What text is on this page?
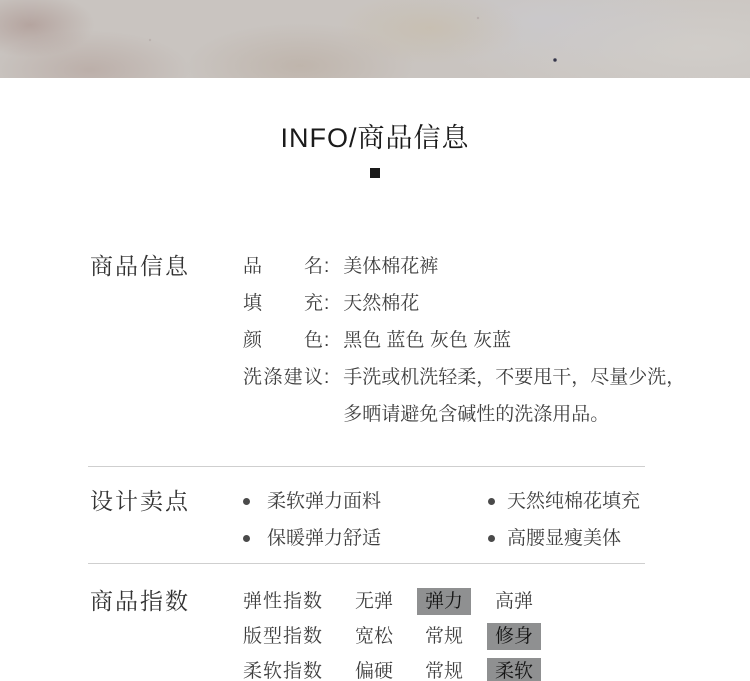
INFO/商品信息
商品信息	品 名 : 美体棉花裤
填 充 : 天然棉花
颜 色 : 黑色 蓝色 灰色 灰蓝
洗 涤 建 议 : 手洗或机洗轻柔，不要甩干，尽量少洗，
多晒请避免含碱性的洗涤用品。
设计卖点	柔软弹力面料
保暖弹力舒适
天然纯棉花填充
高腰显瘦美体
商品指数	弹性指数	无弹	弹力	高弹
版型指数	宽松	常规	修身
柔软指数	偏硬	常规	柔软
